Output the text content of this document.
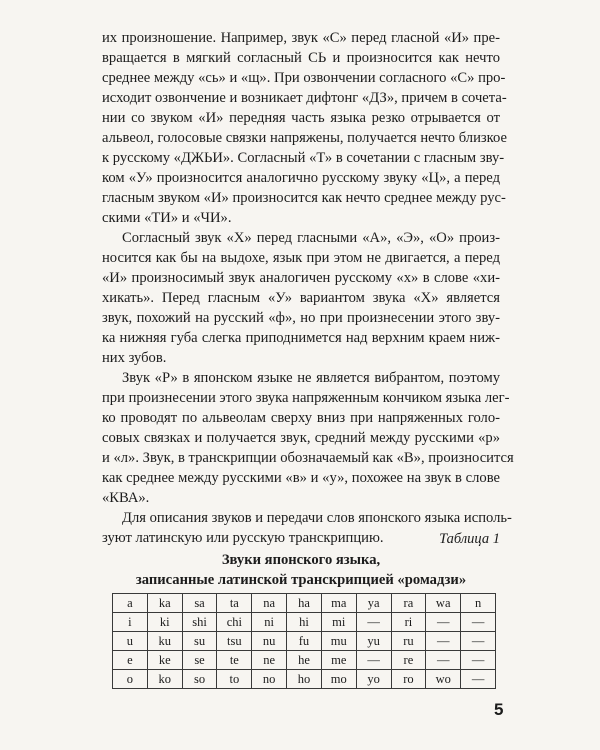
их произношение. Например, звук «С» перед гласной «И» пре-
вращается в мягкий согласный СЬ и произносится как нечто
среднее между «сь» и «щ». При озвончении согласного «С» про-
исходит озвончение и возникает дифтонг «ДЗ», причем в сочета-
нии со звуком «И» передняя часть языка резко отрывается от
альвеол, голосовые связки напряжены, получается нечто близкое
к русскому «ДЖЬИ». Согласный «Т» в сочетании с гласным зву-
ком «У» произносится аналогично русскому звуку «Ц», а перед
гласным звуком «И» произносится как нечто среднее между рус-
скими «ТИ» и «ЧИ».
Согласный звук «Х» перед гласными «А», «Э», «О» произ-
носится как бы на выдохе, язык при этом не двигается, а перед
«И» произносимый звук аналогичен русскому «х» в слове «хи-
хикать». Перед гласным «У» вариантом звука «Х» является
звук, похожий на русский «ф», но при произнесении этого зву-
ка нижняя губа слегка приподнимется над верхним краем ниж-
них зубов.
Звук «Р» в японском языке не является вибрантом, поэтому
при произнесении этого звука напряженным кончиком языка лег-
ко проводят по альвеолам сверху вниз при напряженных голо-
совых связках и получается звук, средний между русскими «р»
и «л». Звук, в транскрипции обозначаемый как «В», произносится
как среднее между русскими «в» и «у», похожее на звук в слове
«КВА».
Для описания звуков и передачи слов японского языка исполь-
зуют латинскую или русскую транскрипцию.	Таблица 1
Звуки японского языка,
записанные латинской транскрипцией «ромадзи»
a	ka	sa	ta	na	ha	ma	ya	ra	wa	n
i	ki	shi	chi	ni	hi	mi	—	ri	—	—
u	ku	su	tsu	nu	fu	mu	yu	ru	—	—
e	ke	se	te	ne	he	me	—	re	—	—
o	ko	so	to	no	ho	mo	yo	ro	wo	—
5
